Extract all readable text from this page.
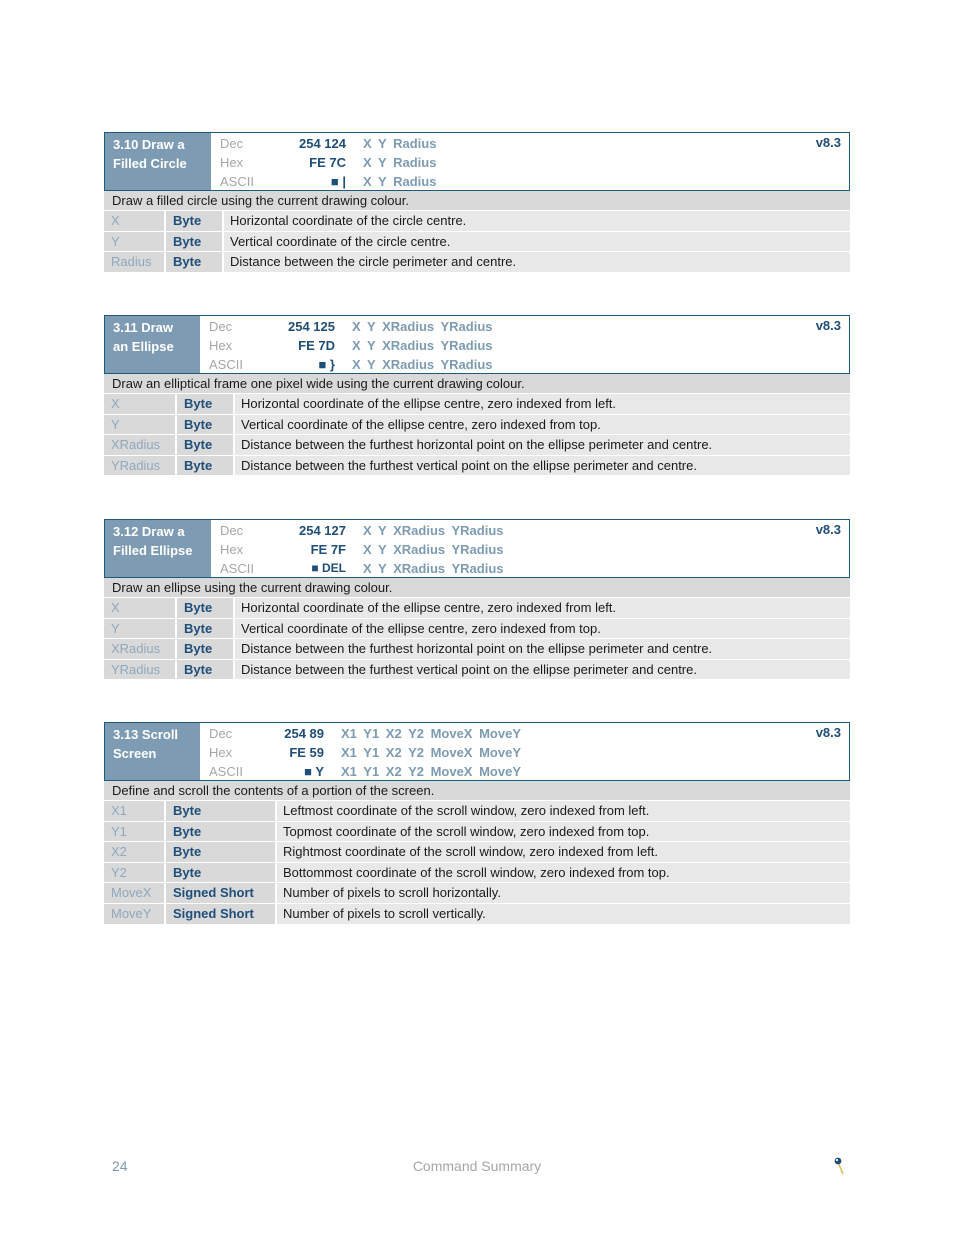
3.10 Draw a
Filled Circle
Dec	254 124 X Y Radius
Hex	FE 7C X Y Radius
ASCII	■ | X Y Radius
v8.3
Draw a filled circle using the current drawing colour.
X	Byte	Horizontal coordinate of the circle centre.
Y	Byte	Vertical coordinate of the circle centre.
Radius	Byte	Distance between the circle perimeter and centre.
3.11 Draw
an Ellipse
Dec	254 125 X Y XRadius YRadius
Hex	FE 7D X Y XRadius YRadius
ASCII	■ } X Y XRadius YRadius
v8.3
Draw an elliptical frame one pixel wide using the current drawing colour.
X	Byte	Horizontal coordinate of the ellipse centre, zero indexed from left.
Y	Byte	Vertical coordinate of the ellipse centre, zero indexed from top.
XRadius	Byte	Distance between the furthest horizontal point on the ellipse perimeter and centre.
YRadius	Byte	Distance between the furthest vertical point on the ellipse perimeter and centre.
3.12 Draw a
Filled Ellipse
Dec	254 127 X Y XRadius YRadius
Hex	FE 7F X Y XRadius YRadius
ASCII	■ DEL X Y XRadius YRadius
v8.3
Draw an ellipse using the current drawing colour.
X	Byte	Horizontal coordinate of the ellipse centre, zero indexed from left.
Y	Byte	Vertical coordinate of the ellipse centre, zero indexed from top.
XRadius	Byte	Distance between the furthest horizontal point on the ellipse perimeter and centre.
YRadius	Byte	Distance between the furthest vertical point on the ellipse perimeter and centre.
3.13 Scroll
Screen
Dec	254 89 X1 Y1 X2 Y2 MoveX MoveY
Hex	FE 59 X1 Y1 X2 Y2 MoveX MoveY
ASCII	■ Y X1 Y1 X2 Y2 MoveX MoveY
v8.3
Define and scroll the contents of a portion of the screen.
X1	Byte	Leftmost coordinate of the scroll window, zero indexed from left.
Y1	Byte	Topmost coordinate of the scroll window, zero indexed from top.
X2	Byte	Rightmost coordinate of the scroll window, zero indexed from left.
Y2	Byte	Bottommost coordinate of the scroll window, zero indexed from top.
MoveX	Signed Short	Number of pixels to scroll horizontally.
MoveY	Signed Short	Number of pixels to scroll vertically.
24	Command Summary
